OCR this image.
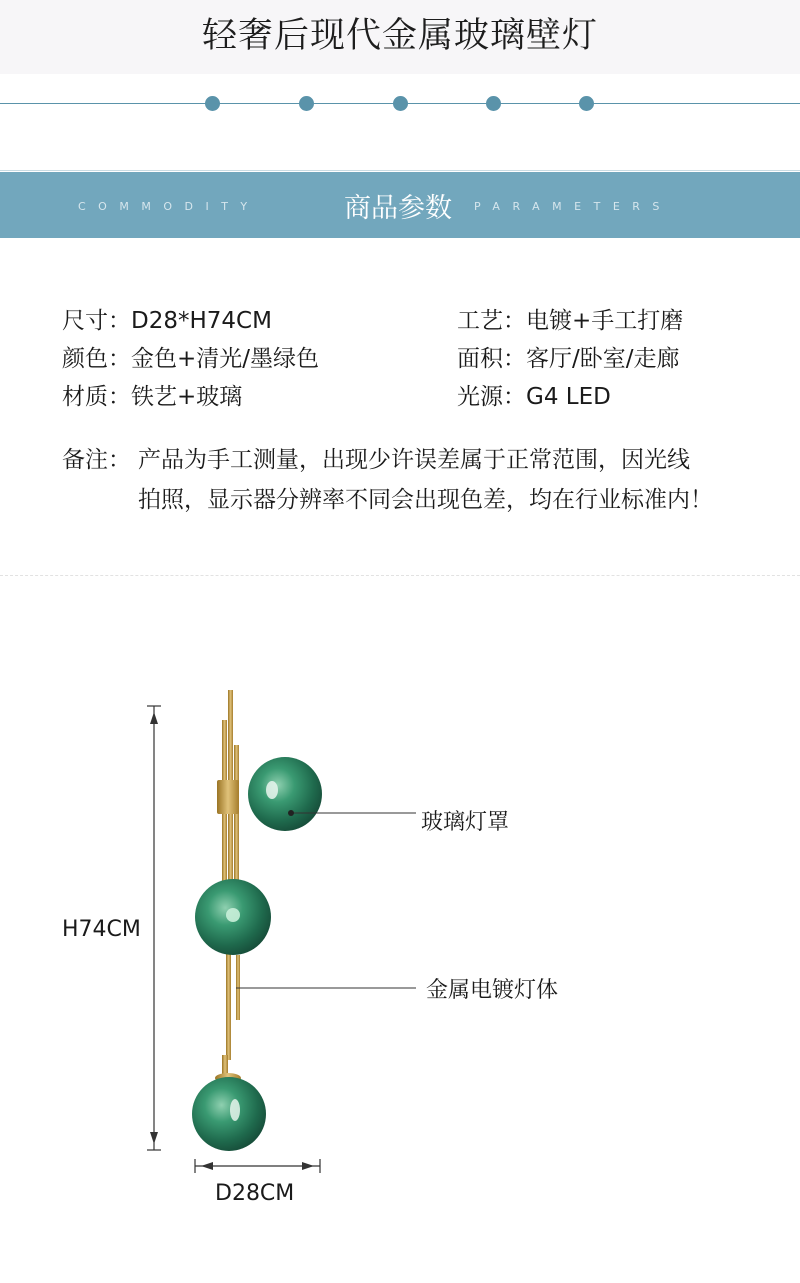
轻奢后现代金属玻璃壁灯
COMMODITY	商品参数 PARAMETERS
尺寸：D28*H74CM
颜色：金色+清光/墨绿色
材质：铁艺+玻璃
工艺：电镀+手工打磨
面积：客厅/卧室/走廊
光源：G4 LED
备注： 产品为手工测量，出现少许误差属于正常范围，因光线
拍照，显示器分辨率不同会出现色差，均在行业标准内！
玻璃灯罩
金属电镀灯体
H74CM
D28CM
